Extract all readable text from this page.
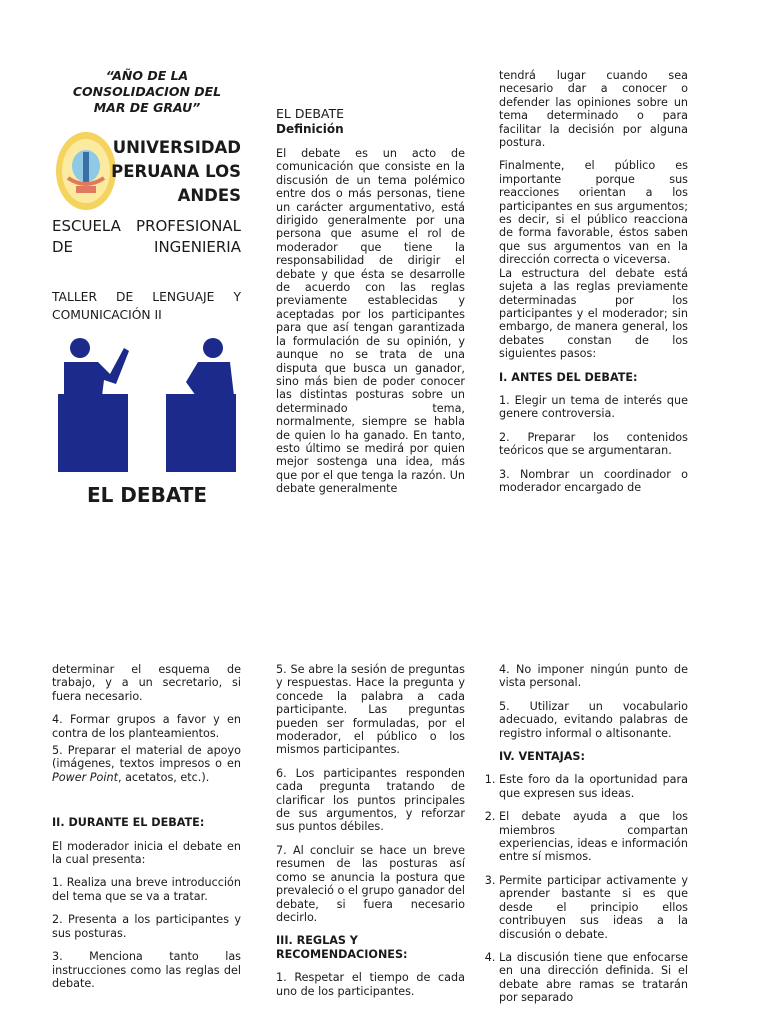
“AÑO DE LA CONSOLIDACION DEL MAR DE GRAU”

UNIVERSIDAD PERUANA LOS ANDES
ESCUELA PROFESIONAL DE INGENIERIA
TALLER DE LENGUAJE Y COMUNICACIÓN II
EL DEBATE

EL DEBATE

Definición

El debate es un acto de comunicación que consiste en la discusión de un tema polémico entre dos o más personas, tiene un carácter argumentativo, está dirigido generalmente por una persona que asume el rol de moderador que tiene la responsabilidad de dirigir el debate y que ésta se desarrolle de acuerdo con las reglas previamente establecidas y aceptadas por los participantes para que así tengan garantizada la formulación de su opinión, y aunque no se trata de una disputa que busca un ganador, sino más bien de poder conocer las distintas posturas sobre un determinado tema, normalmente, siempre se habla de quien lo ha ganado. En tanto, esto último se medirá por quien mejor sostenga una idea, más que por el que tenga la razón. Un debate generalmente

tendrá lugar cuando sea necesario dar a conocer o defender las opiniones sobre un tema determinado o para facilitar la decisión por alguna postura.

Finalmente, el público es importante porque sus reacciones orientan a los participantes en sus argumentos; es decir, si el público reacciona de forma favorable, éstos saben que sus argumentos van en la dirección correcta o viceversa.

La estructura del debate está sujeta a las reglas previamente determinadas por los participantes y el moderador; sin embargo, de manera general, los debates constan de los siguientes pasos:

I. ANTES DEL DEBATE:

1. Elegir un tema de interés que genere controversia.

2. Preparar los contenidos teóricos que se argumentaran.

3. Nombrar un coordinador o moderador encargado de

determinar el esquema de trabajo, y a un secretario, si fuera necesario.

4. Formar grupos a favor y en contra de los planteamientos.

5. Preparar el material de apoyo (imágenes, textos impresos o en Power Point, acetatos, etc.).

II. DURANTE EL DEBATE:

El moderador inicia el debate en la cual presenta:

1. Realiza una breve introducción del tema que se va a tratar.

2. Presenta a los participantes y sus posturas.

3. Menciona tanto las instrucciones como las reglas del debate.

5. Se abre la sesión de preguntas y respuestas. Hace la pregunta y concede la palabra a cada participante. Las preguntas pueden ser formuladas, por el moderador, el público o los mismos participantes.

6. Los participantes responden cada pregunta tratando de clarificar los puntos principales de sus argumentos, y reforzar sus puntos débiles.

7. Al concluir se hace un breve resumen de las posturas así como se anuncia la postura que prevaleció o el grupo ganador del debate, si fuera necesario decirlo.

III. REGLAS Y RECOMENDACIONES:

1. Respetar el tiempo de cada uno de los participantes.

4. No imponer ningún punto de vista personal.

5. Utilizar un vocabulario adecuado, evitando palabras de registro informal o altisonante.

IV. VENTAJAS:

1. Este foro da la oportunidad para que expresen sus ideas.
2. El debate ayuda a que los miembros compartan experiencias, ideas e información entre sí mismos.
3. Permite participar activamente y aprender bastante si es que desde el principio ellos contribuyen sus ideas a la discusión o debate.
4. La discusión tiene que enfocarse en una dirección definida. Si el debate abre ramas se tratarán por separado
